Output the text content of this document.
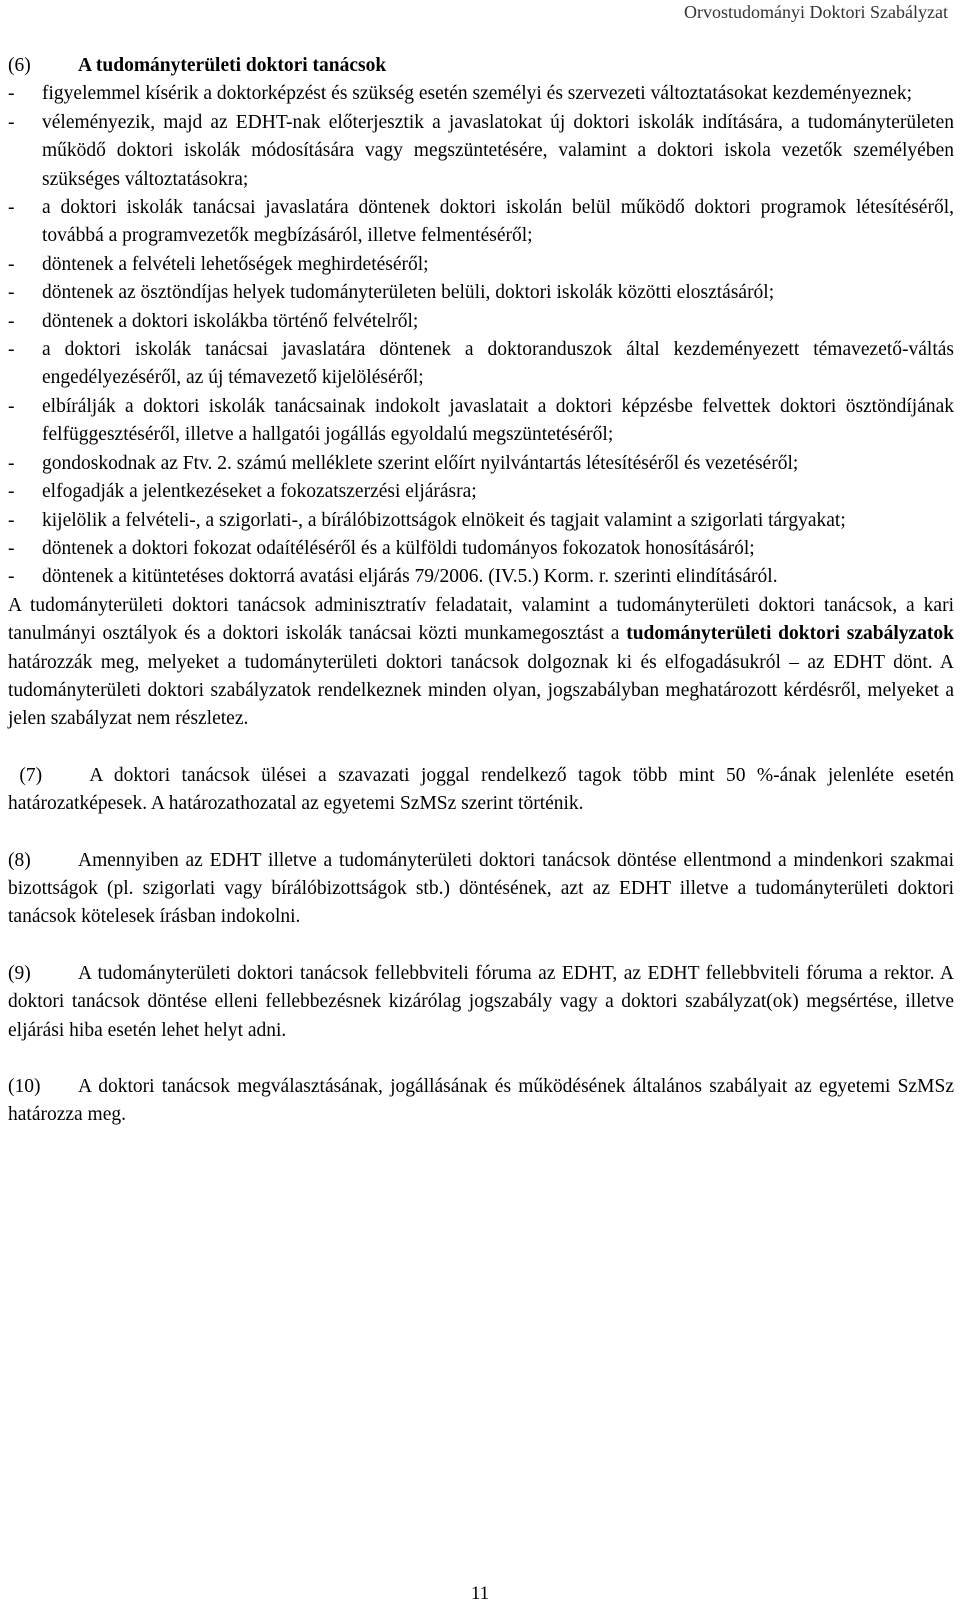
Orvostudományi Doktori Szabályzat
(6) A tudományterületi doktori tanácsok
- figyelemmel kísérik a doktorképzést és szükség esetén személyi és szervezeti változtatásokat kezdeményeznek;
- véleményezik, majd az EDHT-nak előterjesztik a javaslatokat új doktori iskolák indítására, a tudományterületen működő doktori iskolák módosítására vagy megszüntetésére, valamint a doktori iskola vezetők személyében szükséges változtatásokra;
- a doktori iskolák tanácsai javaslatára döntenek doktori iskolán belül működő doktori programok létesítéséről, továbbá a programvezetők megbízásáról, illetve felmentéséről;
- döntenek a felvételi lehetőségek meghirdetéséről;
- döntenek az ösztöndíjas helyek tudományterületen belüli, doktori iskolák közötti elosztásáról;
- döntenek a doktori iskolákba történő felvételről;
- a doktori iskolák tanácsai javaslatára döntenek a doktoranduszok által kezdeményezett témavezető-váltás engedélyezéséről, az új témavezető kijelöléséről;
- elbírálják a doktori iskolák tanácsainak indokolt javaslatait a doktori képzésbe felvettek doktori ösztöndíjának felfüggesztéséről, illetve a hallgatói jogállás egyoldalú megszüntetéséről;
- gondoskodnak az Ftv. 2. számú melléklete szerint előírt nyilvántartás létesítéséről és vezetéséről;
- elfogadják a jelentkezéseket a fokozatszerzési eljárásra;
- kijelölik a felvételi-, a szigorlati-, a bírálóbizottságok elnökeit és tagjait valamint a szigorlati tárgyakat;
- döntenek a doktori fokozat odaítéléséről és a külföldi tudományos fokozatok honosításáról;
- döntenek a kitüntetéses doktorrá avatási eljárás 79/2006. (IV.5.) Korm. r. szerinti elindításáról.

A tudományterületi doktori tanácsok adminisztratív feladatait, valamint a tudományterületi doktori tanácsok, a kari tanulmányi osztályok és a doktori iskolák tanácsai közti munkamegosztást a tudományterületi doktori szabályzatok határozzák meg, melyeket a tudományterületi doktori tanácsok dolgoznak ki és elfogadásukról – az EDHT dönt. A tudományterületi doktori szabályzatok rendelkeznek minden olyan, jogszabályban meghatározott kérdésről, melyeket a jelen szabályzat nem részletez.

(7) A doktori tanácsok ülései a szavazati joggal rendelkező tagok több mint 50 %-ának jelenléte esetén határozatképesek. A határozathozatal az egyetemi SzMSz szerint történik.

(8) Amennyiben az EDHT illetve a tudományterületi doktori tanácsok döntése ellentmond a mindenkori szakmai bizottságok (pl. szigorlati vagy bírálóbizottságok stb.) döntésének, azt az EDHT illetve a tudományterületi doktori tanácsok kötelesek írásban indokolni.

(9) A tudományterületi doktori tanácsok fellebbviteli fóruma az EDHT, az EDHT fellebbviteli fóruma a rektor. A doktori tanácsok döntése elleni fellebbezésnek kizárólag jogszabály vagy a doktori szabályzat(ok) megsértése, illetve eljárási hiba esetén lehet helyt adni.

(10) A doktori tanácsok megválasztásának, jogállásának és működésének általános szabályait az egyetemi SzMSz határozza meg.

11
